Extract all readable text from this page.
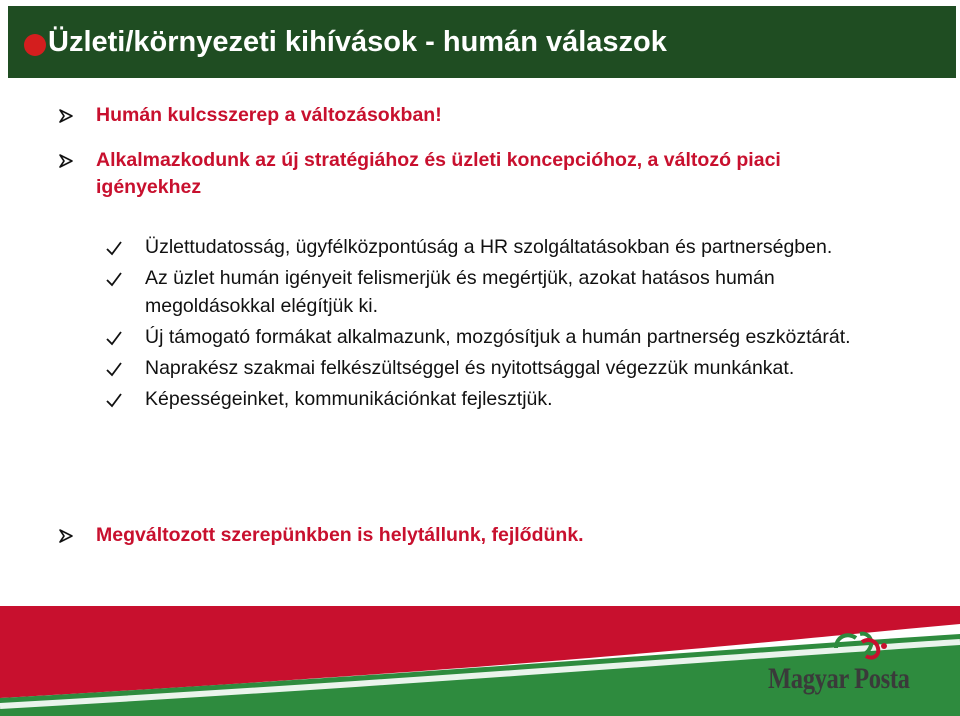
Üzleti/környezeti kihívások - humán válaszok
Humán kulcsszerep a változásokban!
Alkalmazkodunk az új stratégiához és üzleti koncepcióhoz, a változó piaci igényekhez
Üzlettudatosság, ügyfélközpontúság a HR szolgáltatásokban és partnerségben.
Az üzlet humán igényeit felismerjük és megértjük, azokat hatásos humán megoldásokkal elégítjük ki.
Új támogató formákat alkalmazunk, mozgósítjuk a humán partnerség eszköztárát.
Naprakész szakmai felkészültséggel és nyitottsággal végezzük munkánkat.
Képességeinket, kommunikációnkat fejlesztjük.
Megváltozott szerepünkben is helytállunk, fejlődünk.
Magyar Posta
